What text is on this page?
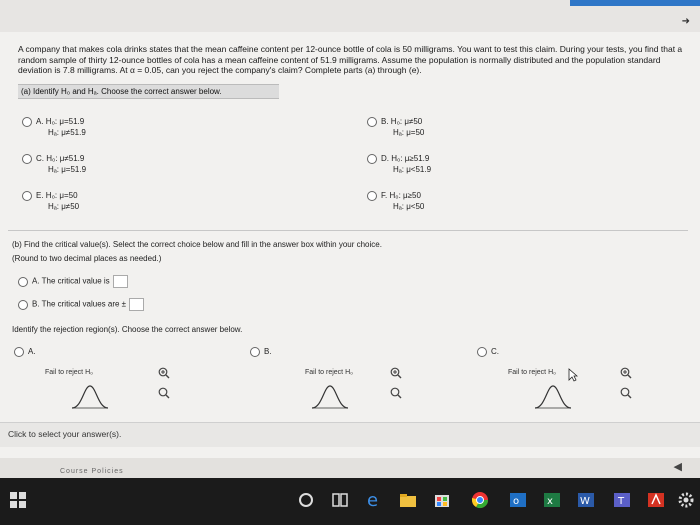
➜
A company that makes cola drinks states that the mean caffeine content per 12-ounce bottle of cola is 50 milligrams. You want to test this claim. During your tests, you find that a random sample of thirty 12-ounce bottles of cola has a mean caffeine content of 51.9 milligrams. Assume the population is normally distributed and the population standard deviation is 7.8 milligrams. At α = 0.05, can you reject the company's claim? Complete parts (a) through (e).
(a) Identify H₀ and Hₐ. Choose the correct answer below.
A. H₀: μ=51.9
Hₐ: μ≠51.9
B. H₀: μ≠50
Hₐ: μ=50
C. H₀: μ≠51.9
Hₐ: μ=51.9
D. H₀: μ≥51.9
Hₐ: μ<51.9
E. H₀: μ=50
Hₐ: μ≠50
F. H₀: μ≥50
Hₐ: μ<50
(b) Find the critical value(s). Select the correct choice below and fill in the answer box within your choice.
(Round to two decimal places as needed.)
A. The critical value is
B. The critical values are ±
Identify the rejection region(s). Choose the correct answer below.
A.	B.	C.
Fail to reject H₀	Fail to reject H₀	Fail to reject H₀
Click to select your answer(s).
Course Policies	◀
e	o	x	W	T
